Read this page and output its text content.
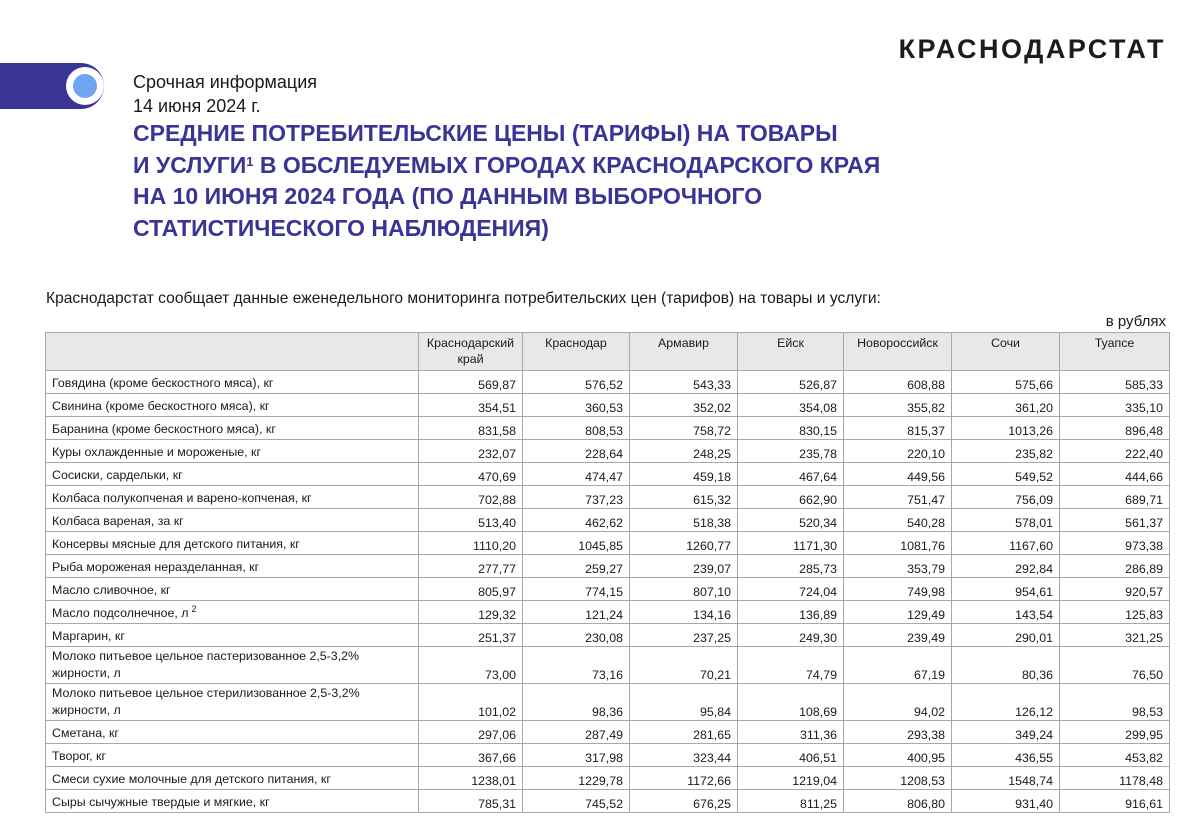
КРАСНОДАРСТАТ
Срочная информация
14 июня 2024 г.
СРЕДНИЕ ПОТРЕБИТЕЛЬСКИЕ ЦЕНЫ (ТАРИФЫ) НА ТОВАРЫ
И УСЛУГИ$^1$ В ОБСЛЕДУЕМЫХ ГОРОДАХ КРАСНОДАРСКОГО КРАЯ
НА 10 ИЮНЯ 2024 ГОДА (ПО ДАННЫМ ВЫБОРОЧНОГО
СТАТИСТИЧЕСКОГО НАБЛЮДЕНИЯ)
Краснодарстат сообщает данные еженедельного мониторинга потребительских цен (тарифов) на товары и услуги:
в рублях
	Краснодарский край	Краснодар	Армавир	Ейск	Новороссийск	Сочи	Туапсе
Говядина (кроме бескостного мяса), кг	569,87	576,52	543,33	526,87	608,88	575,66	585,33
Свинина (кроме бескостного мяса), кг	354,51	360,53	352,02	354,08	355,82	361,20	335,10
Баранина (кроме бескостного мяса), кг	831,58	808,53	758,72	830,15	815,37	1013,26	896,48
Куры охлажденные и мороженые, кг	232,07	228,64	248,25	235,78	220,10	235,82	222,40
Сосиски, сардельки, кг	470,69	474,47	459,18	467,64	449,56	549,52	444,66
Колбаса полукопченая и варено-копченая, кг	702,88	737,23	615,32	662,90	751,47	756,09	689,71
Колбаса вареная, за кг	513,40	462,62	518,38	520,34	540,28	578,01	561,37
Консервы мясные для детского питания, кг	1110,20	1045,85	1260,77	1171,30	1081,76	1167,60	973,38
Рыба мороженая неразделанная, кг	277,77	259,27	239,07	285,73	353,79	292,84	286,89
Масло сливочное, кг	805,97	774,15	807,10	724,04	749,98	954,61	920,57
Масло подсолнечное, л $^2$	129,32	121,24	134,16	136,89	129,49	143,54	125,83
Маргарин, кг	251,37	230,08	237,25	249,30	239,49	290,01	321,25
Молоко питьевое цельное пастеризованное 2,5-3,2% жирности, л	73,00	73,16	70,21	74,79	67,19	80,36	76,50
Молоко питьевое цельное стерилизованное 2,5-3,2% жирности, л	101,02	98,36	95,84	108,69	94,02	126,12	98,53
Сметана, кг	297,06	287,49	281,65	311,36	293,38	349,24	299,95
Творог, кг	367,66	317,98	323,44	406,51	400,95	436,55	453,82
Смеси сухие молочные для детского питания, кг	1238,01	1229,78	1172,66	1219,04	1208,53	1548,74	1178,48
Сыры сычужные твердые и мягкие, кг	785,31	745,52	676,25	811,25	806,80	931,40	916,61
